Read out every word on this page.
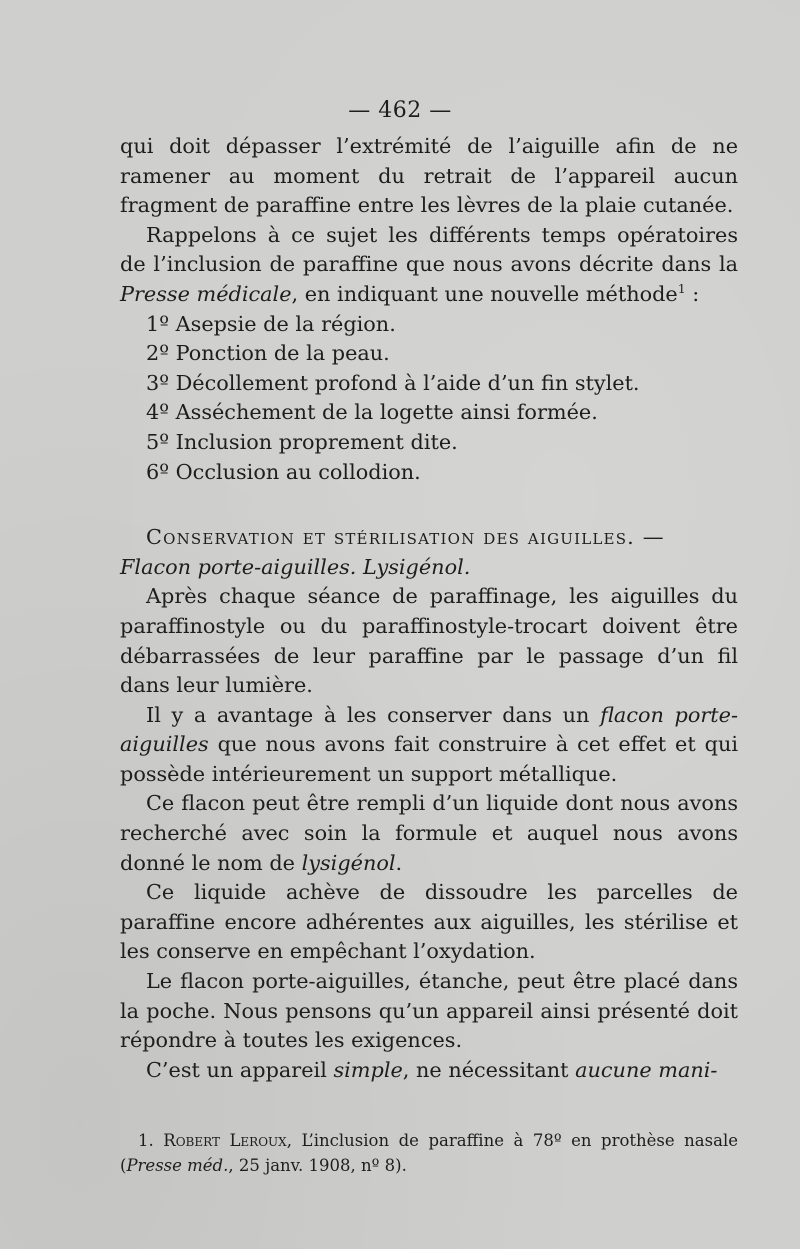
— 462 —

qui doit dépasser l’extrémité de l’aiguille afin de ne ramener au moment du retrait de l’appareil aucun fragment de paraffine entre les lèvres de la plaie cutanée.

Rappelons à ce sujet les différents temps opératoires de l’inclusion de paraffine que nous avons décrite dans la Presse médicale, en indiquant une nouvelle méthode$^1$ :

1º Asepsie de la région.
2º Ponction de la peau.
3º Décollement profond à l’aide d’un fin stylet.
4º Asséchement de la logette ainsi formée.
5º Inclusion proprement dite.
6º Occlusion au collodion.

Conservation et stérilisation des aiguilles. —

Flacon porte-aiguilles. Lysigénol.

Après chaque séance de paraffinage, les aiguilles du paraffinostyle ou du paraffinostyle-trocart doivent être débarrassées de leur paraffine par le passage d’un fil dans leur lumière.

Il y a avantage à les conserver dans un flacon porte-aiguilles que nous avons fait construire à cet effet et qui possède intérieurement un support métallique.

Ce flacon peut être rempli d’un liquide dont nous avons recherché avec soin la formule et auquel nous avons donné le nom de lysigénol.

Ce liquide achève de dissoudre les parcelles de paraffine encore adhérentes aux aiguilles, les stérilise et les conserve en empêchant l’oxydation.

Le flacon porte-aiguilles, étanche, peut être placé dans la poche. Nous pensons qu’un appareil ainsi présenté doit répondre à toutes les exigences.

C’est un appareil simple, ne nécessitant aucune mani-

1. Robert Leroux, L’inclusion de paraffine à 78º en prothèse nasale (Presse méd., 25 janv. 1908, nº 8).
